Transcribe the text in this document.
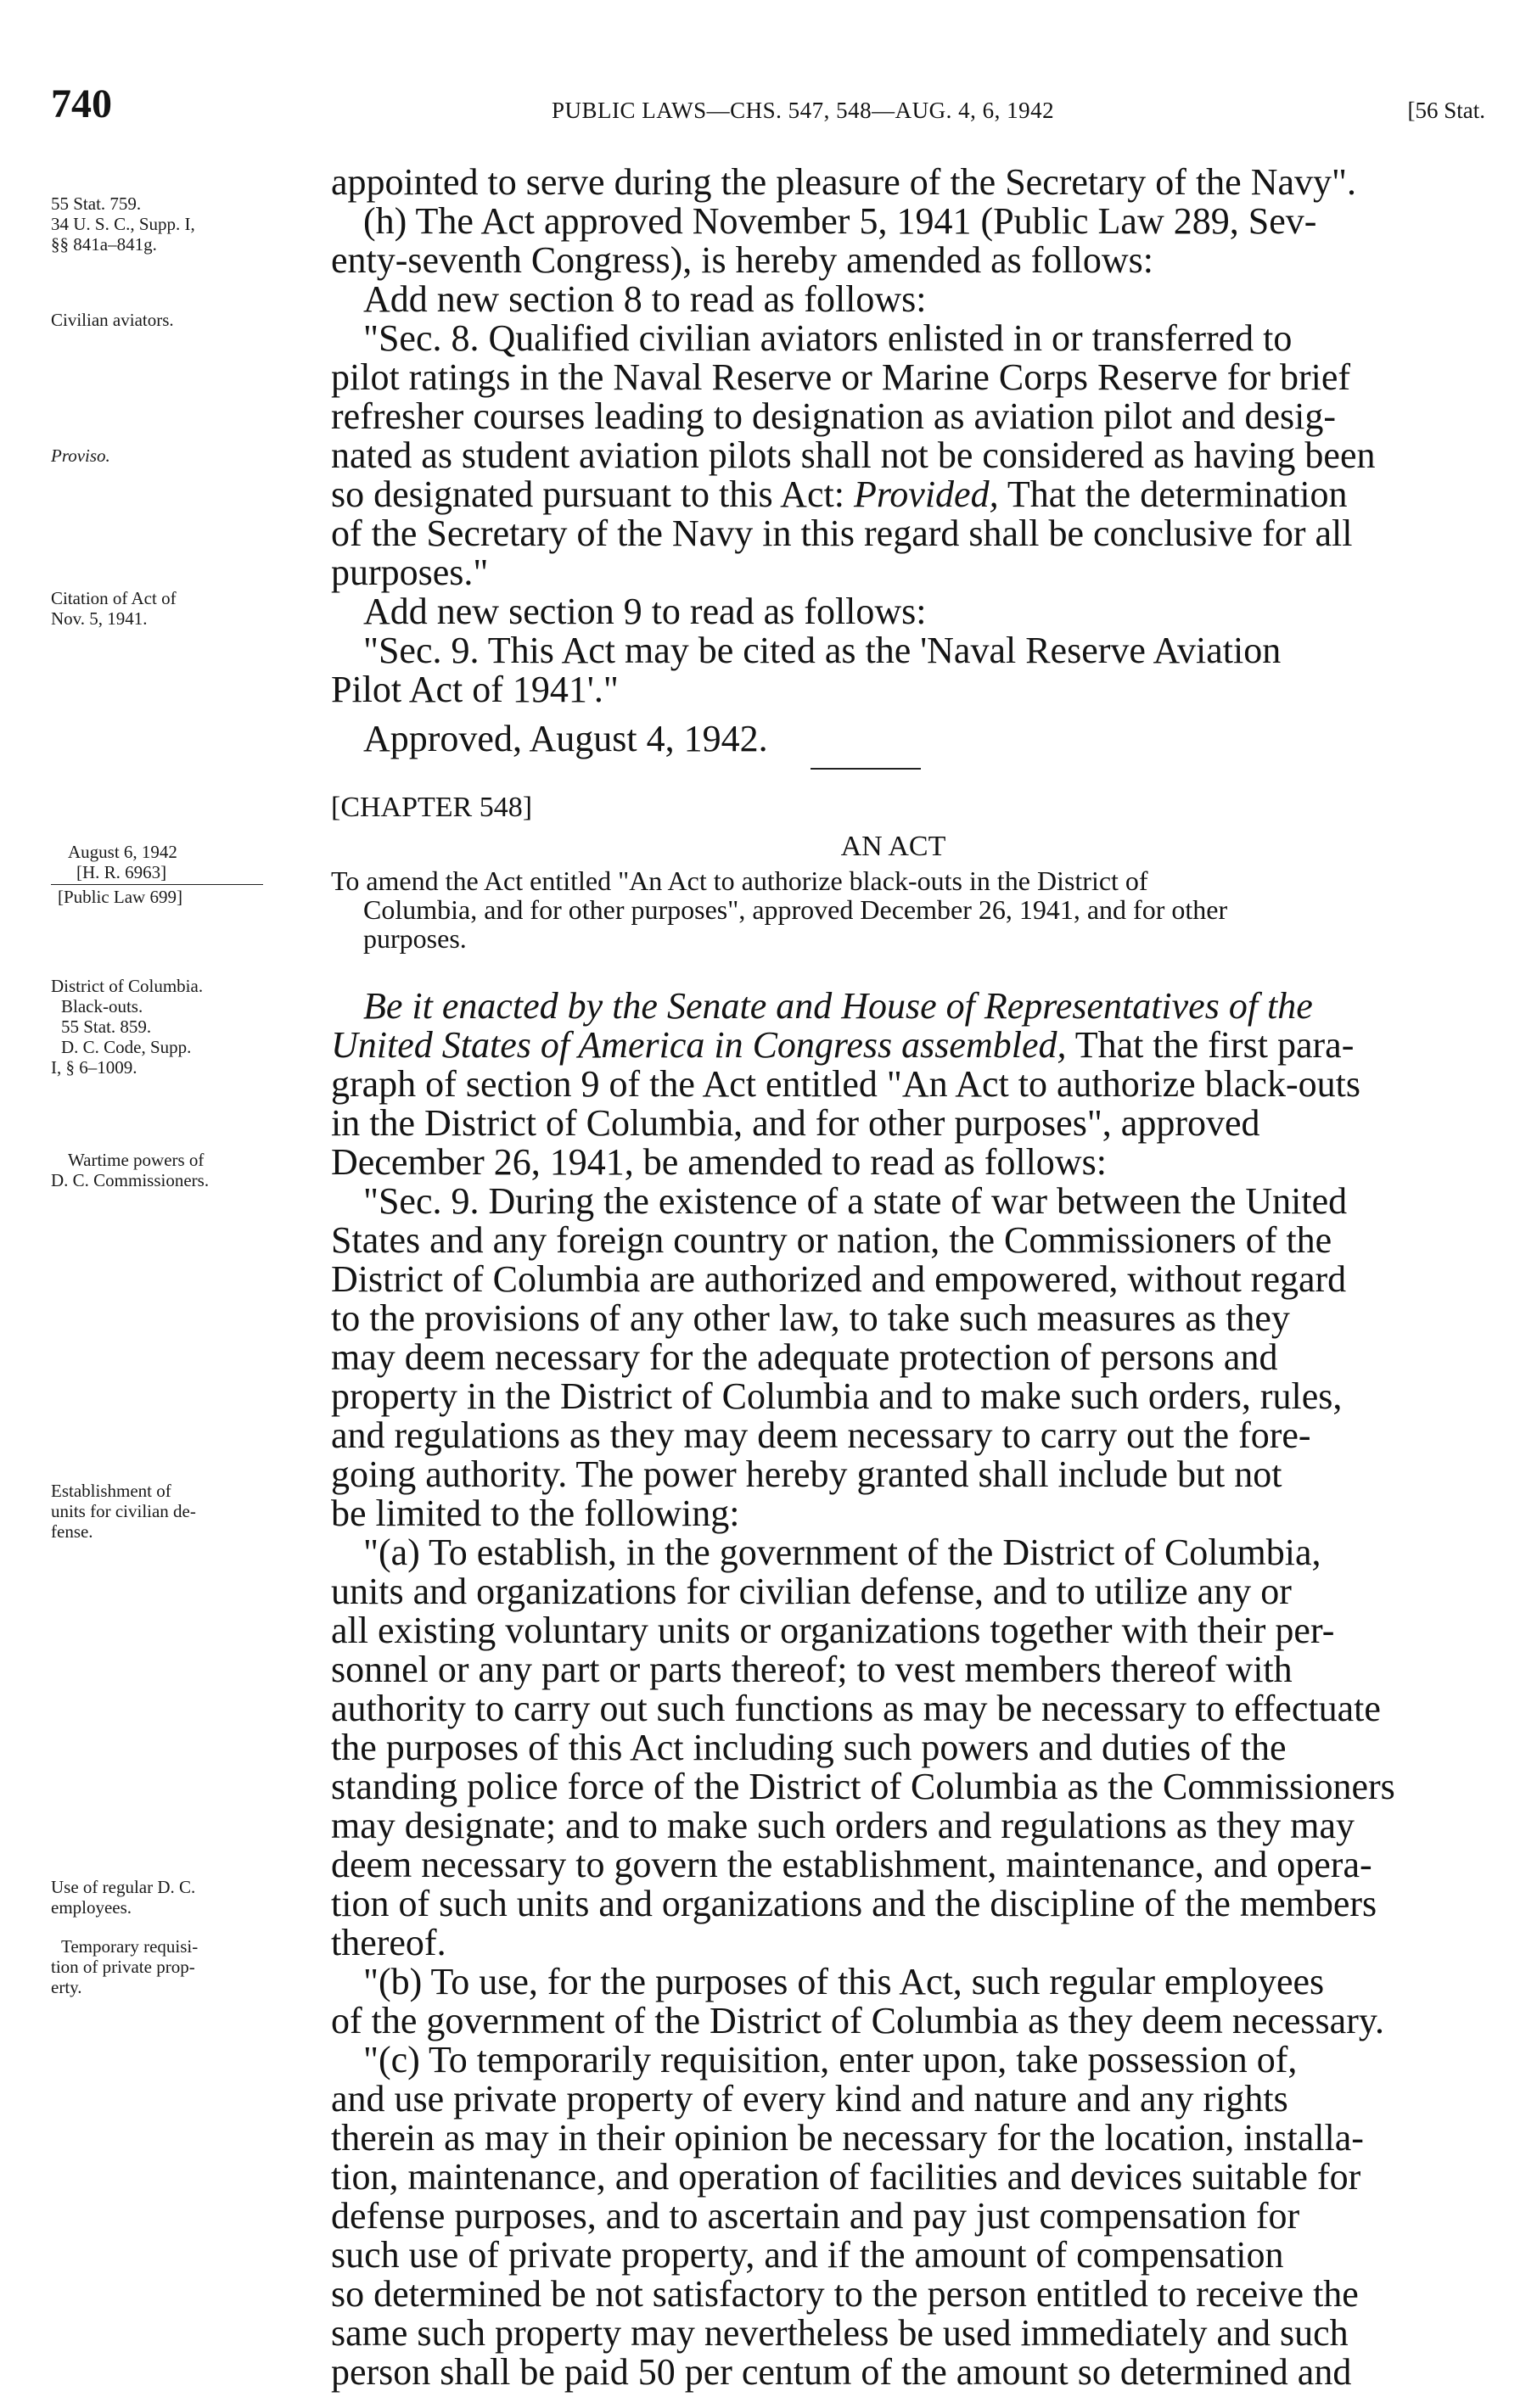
740	PUBLIC LAWS—CHS. 547, 548—AUG. 4, 6, 1942	[56 Stat.
55 Stat. 759.
34 U. S. C., Supp. I,
§§ 841a–841g.
Civilian aviators.
Proviso.
Citation of Act of
Nov. 5, 1941.
August 6, 1942
[H. R. 6963]
[Public Law 699]
District of Columbia.
Black-outs.
55 Stat. 859.
D. C. Code, Supp.
I, § 6–1009.
Wartime powers of
D. C. Commissioners.
Establishment of
units for civilian de-
fense.
Use of regular D. C.
employees.
Temporary requisi-
tion of private prop-
erty.
appointed to serve during the pleasure of the Secretary of the Navy".
(h) The Act approved November 5, 1941 (Public Law 289, Sev-
enty-seventh Congress), is hereby amended as follows:
Add new section 8 to read as follows:
"Sec. 8. Qualified civilian aviators enlisted in or transferred to
pilot ratings in the Naval Reserve or Marine Corps Reserve for brief
refresher courses leading to designation as aviation pilot and desig-
nated as student aviation pilots shall not be considered as having been
so designated pursuant to this Act: Provided, That the determination
of the Secretary of the Navy in this regard shall be conclusive for all
purposes."
Add new section 9 to read as follows:
"Sec. 9. This Act may be cited as the 'Naval Reserve Aviation
Pilot Act of 1941'."
Approved, August 4, 1942.
[CHAPTER 548]
AN ACT
To amend the Act entitled "An Act to authorize black-outs in the District of
Columbia, and for other purposes", approved December 26, 1941, and for other
purposes.
Be it enacted by the Senate and House of Representatives of the
United States of America in Congress assembled, That the first para-
graph of section 9 of the Act entitled "An Act to authorize black-outs
in the District of Columbia, and for other purposes", approved
December 26, 1941, be amended to read as follows:
"Sec. 9. During the existence of a state of war between the United
States and any foreign country or nation, the Commissioners of the
District of Columbia are authorized and empowered, without regard
to the provisions of any other law, to take such measures as they
may deem necessary for the adequate protection of persons and
property in the District of Columbia and to make such orders, rules,
and regulations as they may deem necessary to carry out the fore-
going authority. The power hereby granted shall include but not
be limited to the following:
"(a) To establish, in the government of the District of Columbia,
units and organizations for civilian defense, and to utilize any or
all existing voluntary units or organizations together with their per-
sonnel or any part or parts thereof; to vest members thereof with
authority to carry out such functions as may be necessary to effectuate
the purposes of this Act including such powers and duties of the
standing police force of the District of Columbia as the Commissioners
may designate; and to make such orders and regulations as they may
deem necessary to govern the establishment, maintenance, and opera-
tion of such units and organizations and the discipline of the members
thereof.
"(b) To use, for the purposes of this Act, such regular employees
of the government of the District of Columbia as they deem necessary.
"(c) To temporarily requisition, enter upon, take possession of,
and use private property of every kind and nature and any rights
therein as may in their opinion be necessary for the location, installa-
tion, maintenance, and operation of facilities and devices suitable for
defense purposes, and to ascertain and pay just compensation for
such use of private property, and if the amount of compensation
so determined be not satisfactory to the person entitled to receive the
same such property may nevertheless be used immediately and such
person shall be paid 50 per centum of the amount so determined and
